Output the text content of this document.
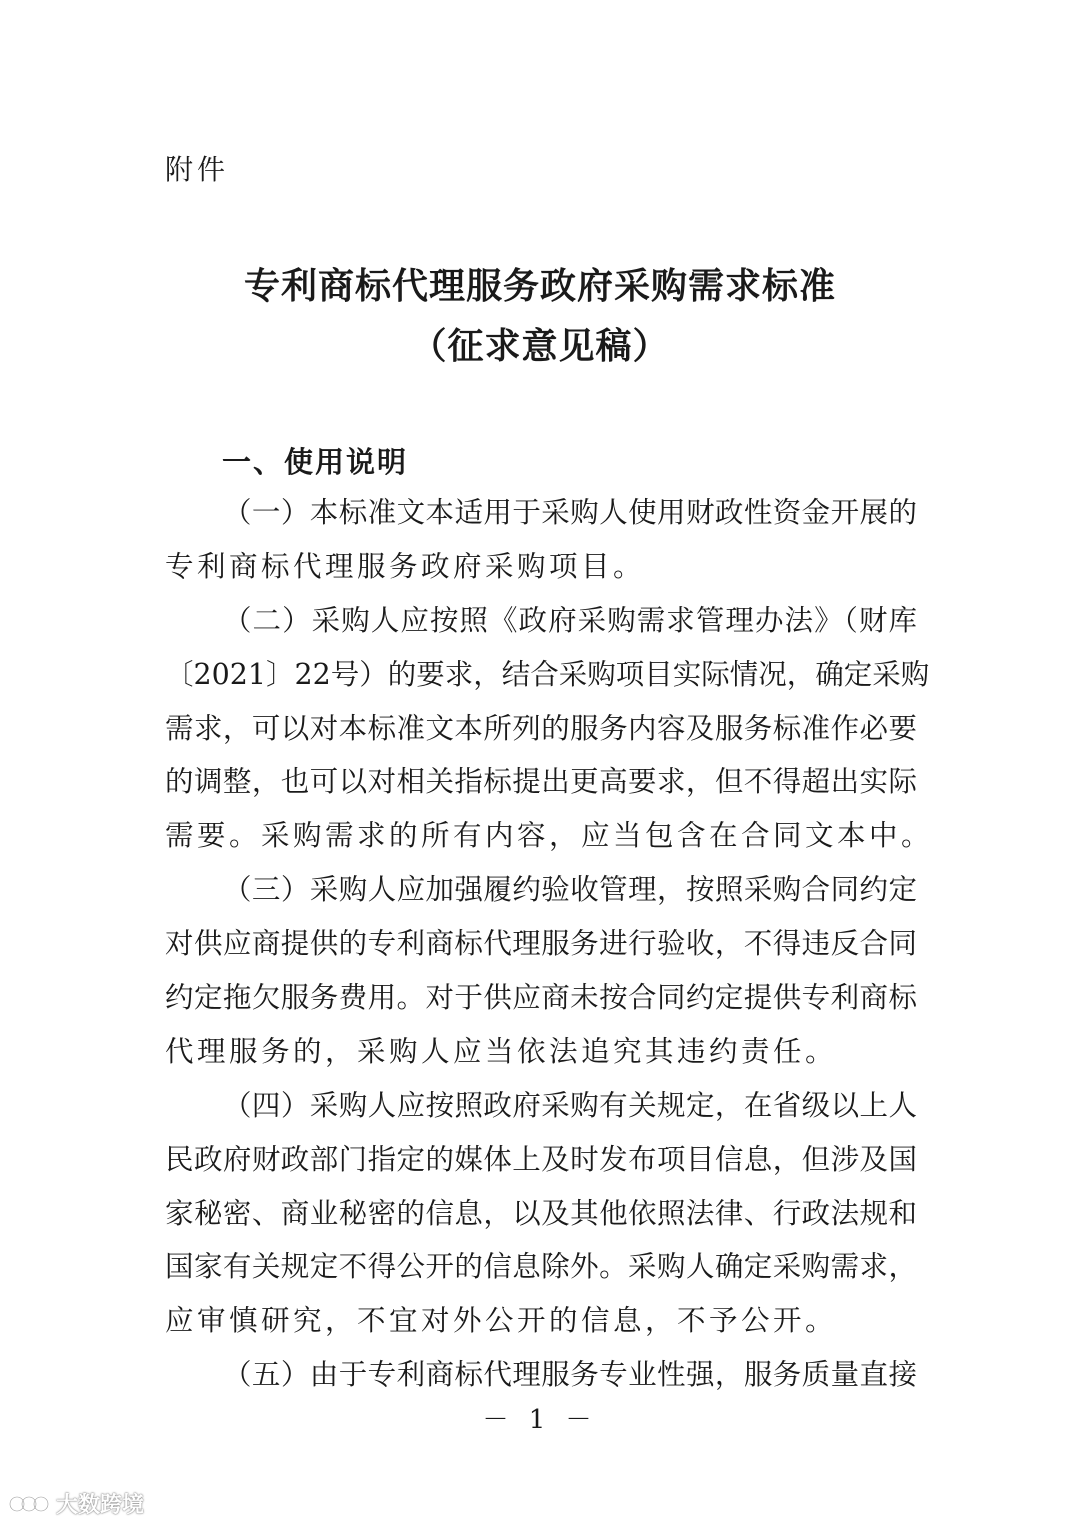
附件
专利商标代理服务政府采购需求标准
（征求意见稿）
一、使用说明
（一）本标准文本适用于采购人使用财政性资金开展的
专利商标代理服务政府采购项目。
（二）采购人应按照《政府采购需求管理办法》（财库
〔2021〕22号）的要求，结合采购项目实际情况，确定采购
需求，可以对本标准文本所列的服务内容及服务标准作必要
的调整，也可以对相关指标提出更高要求，但不得超出实际
需要。采购需求的所有内容，应当包含在合同文本中。
（三）采购人应加强履约验收管理，按照采购合同约定
对供应商提供的专利商标代理服务进行验收，不得违反合同
约定拖欠服务费用。对于供应商未按合同约定提供专利商标
代理服务的，采购人应当依法追究其违约责任。
（四）采购人应按照政府采购有关规定，在省级以上人
民政府财政部门指定的媒体上及时发布项目信息，但涉及国
家秘密、商业秘密的信息，以及其他依照法律、行政法规和
国家有关规定不得公开的信息除外。采购人确定采购需求，
应审慎研究，不宜对外公开的信息，不予公开。
（五）由于专利商标代理服务专业性强，服务质量直接
－ 1 －
大数跨境
